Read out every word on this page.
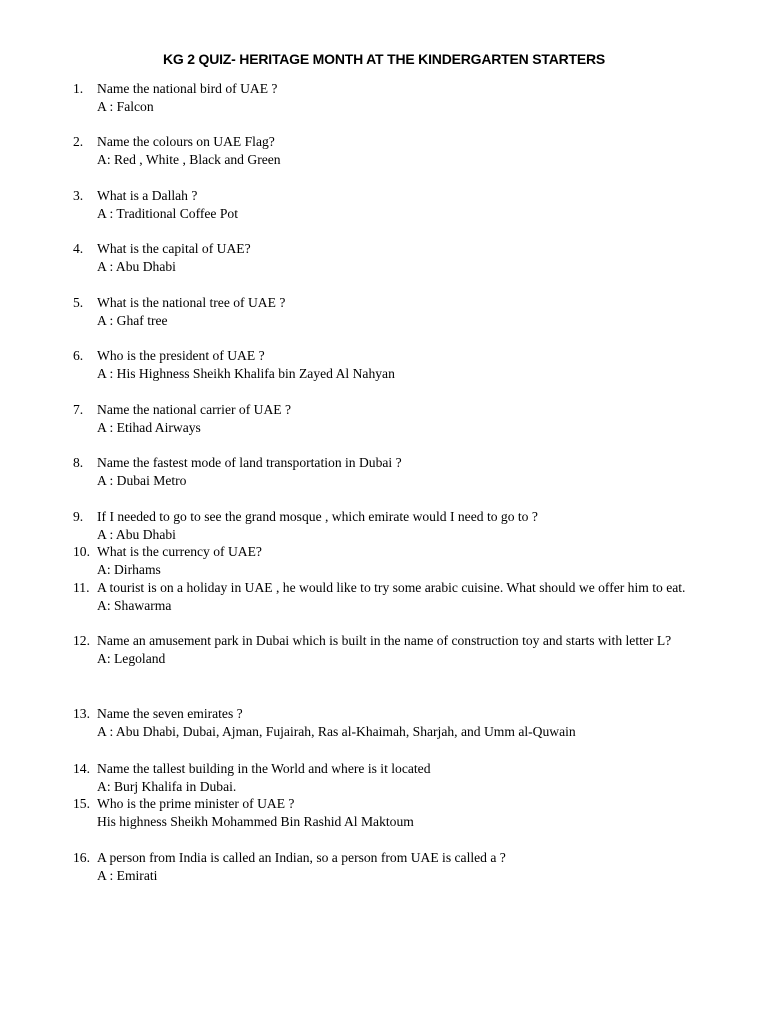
KG 2 QUIZ- HERITAGE MONTH AT THE KINDERGARTEN STARTERS
1.	Name the national bird of UAE ?
A : Falcon
2.	Name the colours on UAE Flag?
A: Red , White , Black and Green
3.	What is a Dallah ?
A : Traditional Coffee Pot
4.	What is the capital of UAE?
A : Abu Dhabi
5.	What is the national tree of UAE ?
A : Ghaf tree
6.	Who is the president of UAE ?
A : His Highness Sheikh Khalifa bin Zayed Al Nahyan
7.	Name the national carrier of UAE ?
A : Etihad Airways
8.	Name the fastest mode of land transportation in Dubai ?
A : Dubai Metro
9.	If I needed to go to see the grand mosque , which emirate would I need to go to ?
A : Abu Dhabi
10. What is the currency of UAE?
A: Dirhams
11. A tourist is on a holiday in UAE , he would like to try some arabic cuisine. What should we offer him to eat.
A: Shawarma
12. Name an amusement park in Dubai which is built in the name of construction toy and starts with letter L?
A: Legoland
13. Name the seven emirates ?
A : Abu Dhabi, Dubai, Ajman, Fujairah, Ras al-Khaimah, Sharjah, and Umm al-Quwain
14. Name the tallest building in the World and where is it located
A: Burj Khalifa in Dubai.
15. Who is the prime minister of UAE ?
His highness Sheikh Mohammed Bin Rashid Al Maktoum
16. A person from India is called an Indian, so a person from UAE is called a ?
A : Emirati
